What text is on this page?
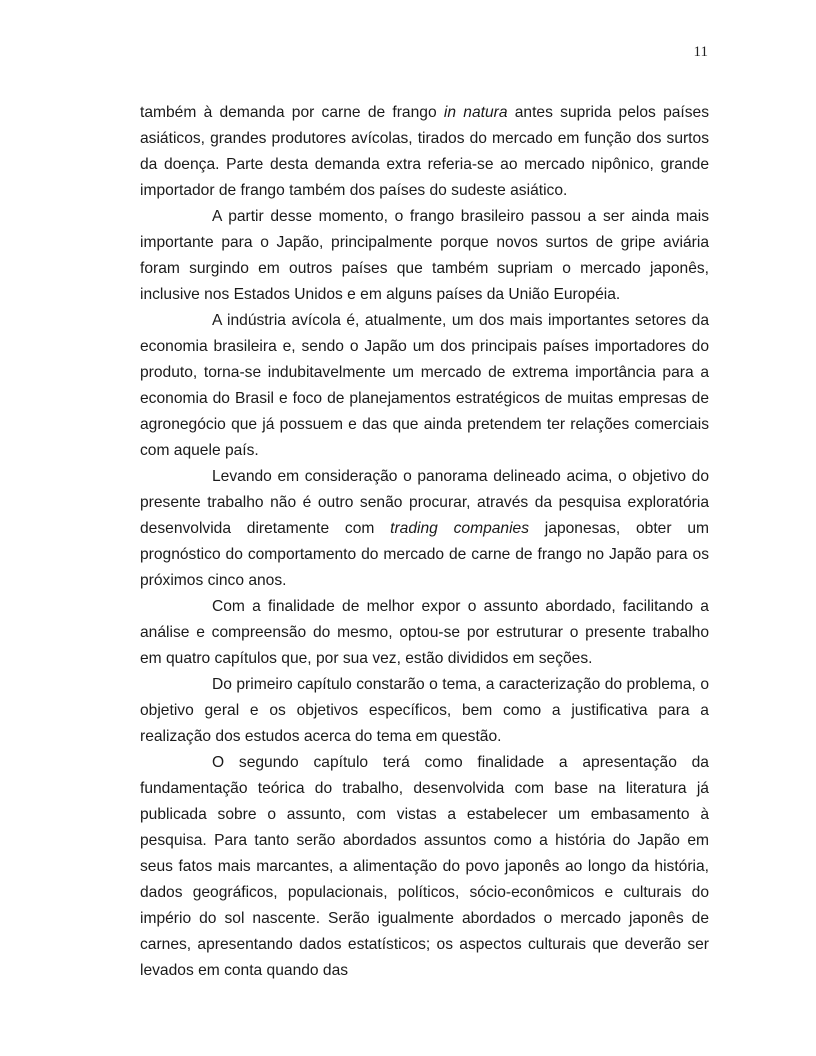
11

também à demanda por carne de frango in natura antes suprida pelos países asiáticos, grandes produtores avícolas, tirados do mercado em função dos surtos da doença. Parte desta demanda extra referia-se ao mercado nipônico, grande importador de frango também dos países do sudeste asiático.

A partir desse momento, o frango brasileiro passou a ser ainda mais importante para o Japão, principalmente porque novos surtos de gripe aviária foram surgindo em outros países que também supriam o mercado japonês, inclusive nos Estados Unidos e em alguns países da União Européia.

A indústria avícola é, atualmente, um dos mais importantes setores da economia brasileira e, sendo o Japão um dos principais países importadores do produto, torna-se indubitavelmente um mercado de extrema importância para a economia do Brasil e foco de planejamentos estratégicos de muitas empresas de agronegócio que já possuem e das que ainda pretendem ter relações comerciais com aquele país.

Levando em consideração o panorama delineado acima, o objetivo do presente trabalho não é outro senão procurar, através da pesquisa exploratória desenvolvida diretamente com trading companies japonesas, obter um prognóstico do comportamento do mercado de carne de frango no Japão para os próximos cinco anos.

Com a finalidade de melhor expor o assunto abordado, facilitando a análise e compreensão do mesmo, optou-se por estruturar o presente trabalho em quatro capítulos que, por sua vez, estão divididos em seções.

Do primeiro capítulo constarão o tema, a caracterização do problema, o objetivo geral e os objetivos específicos, bem como a justificativa para a realização dos estudos acerca do tema em questão.

O segundo capítulo terá como finalidade a apresentação da fundamentação teórica do trabalho, desenvolvida com base na literatura já publicada sobre o assunto, com vistas a estabelecer um embasamento à pesquisa. Para tanto serão abordados assuntos como a história do Japão em seus fatos mais marcantes, a alimentação do povo japonês ao longo da história, dados geográficos, populacionais, políticos, sócio-econômicos e culturais do império do sol nascente. Serão igualmente abordados o mercado japonês de carnes, apresentando dados estatísticos; os aspectos culturais que deverão ser levados em conta quando das
